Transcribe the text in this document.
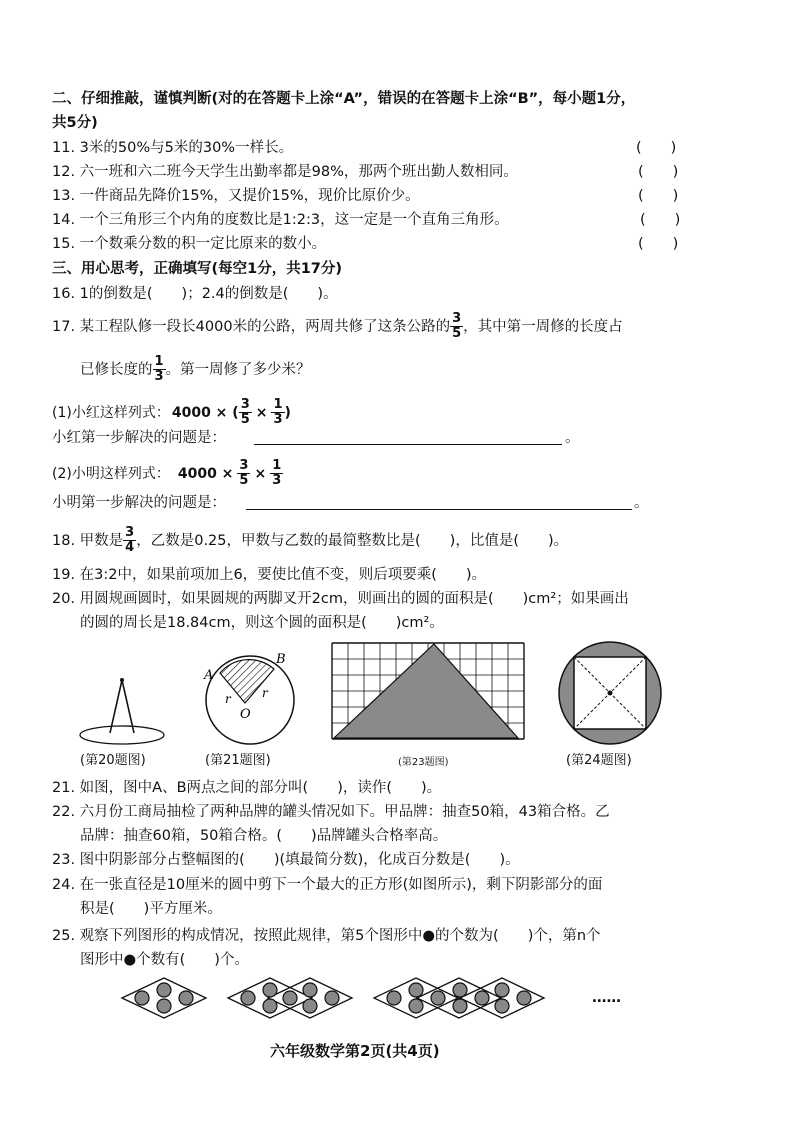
二、仔细推敲，谨慎判断(对的在答题卡上涂“A”，错误的在答题卡上涂“B”，每小题1分，
共5分)
11. 3米的50%与5米的30%一样长。	(　　)
12. 六一班和六二班今天学生出勤率都是98%，那两个班出勤人数相同。	(　　)
13. 一件商品先降价15%，又提价15%，现价比原价少。	(　　)
14. 一个三角形三个内角的度数比是1:2:3，这一定是一个直角三角形。	(　　)
15. 一个数乘分数的积一定比原来的数小。	(　　)
三、用心思考，正确填写(每空1分，共17分)
16. 1的倒数是(　　)；2.4的倒数是(　　)。
17. 某工程队修一段长4000米的公路，两周共修了这条公路的 $\frac{3}{5}$ ，其中第一周修的长度占
已修长度的 $\frac{1}{3}$ 。第一周修了多少米？
(1)小红这样列式： 4000 × ( $\frac{3}{5} \times \frac{1}{3}$ )
小红第一步解决的问题是：	。
(2)小明这样列式： $4000 \times \frac{3}{5} \times \frac{1}{3}$
小明第一步解决的问题是：	。
18. 甲数是 $\frac{3}{4}$ ，乙数是0.25，甲数与乙数的最简整数比是(　　)，比值是(　　)。
19. 在3:2中，如果前项加上6，要使比值不变，则后项要乘(　　)。
20. 用圆规画圆时，如果圆规的两脚叉开2cm，则画出的圆的面积是(　　)cm²；如果画出
的圆的周长是18.84cm，则这个圆的面积是(　　)cm²。
(第20题图)
A
B
O
r	r
(第21题图)	(第23题图)	(第24题图)
21. 如图，图中A、B两点之间的部分叫(　　)，读作(　　)。
22. 六月份工商局抽检了两种品牌的罐头情况如下。甲品牌：抽查50箱，43箱合格。乙
品牌：抽查60箱，50箱合格。(　　)品牌罐头合格率高。
23. 图中阴影部分占整幅图的(　　)(填最简分数)，化成百分数是(　　)。
24. 在一张直径是10厘米的圆中剪下一个最大的正方形(如图所示)，剩下阴影部分的面
积是(　　)平方厘米。
25. 观察下列图形的构成情况，按照此规律，第5个图形中●的个数为(　　)个，第n个
图形中●个数有(　　)个。
……
六年级数学第2页(共4页)
